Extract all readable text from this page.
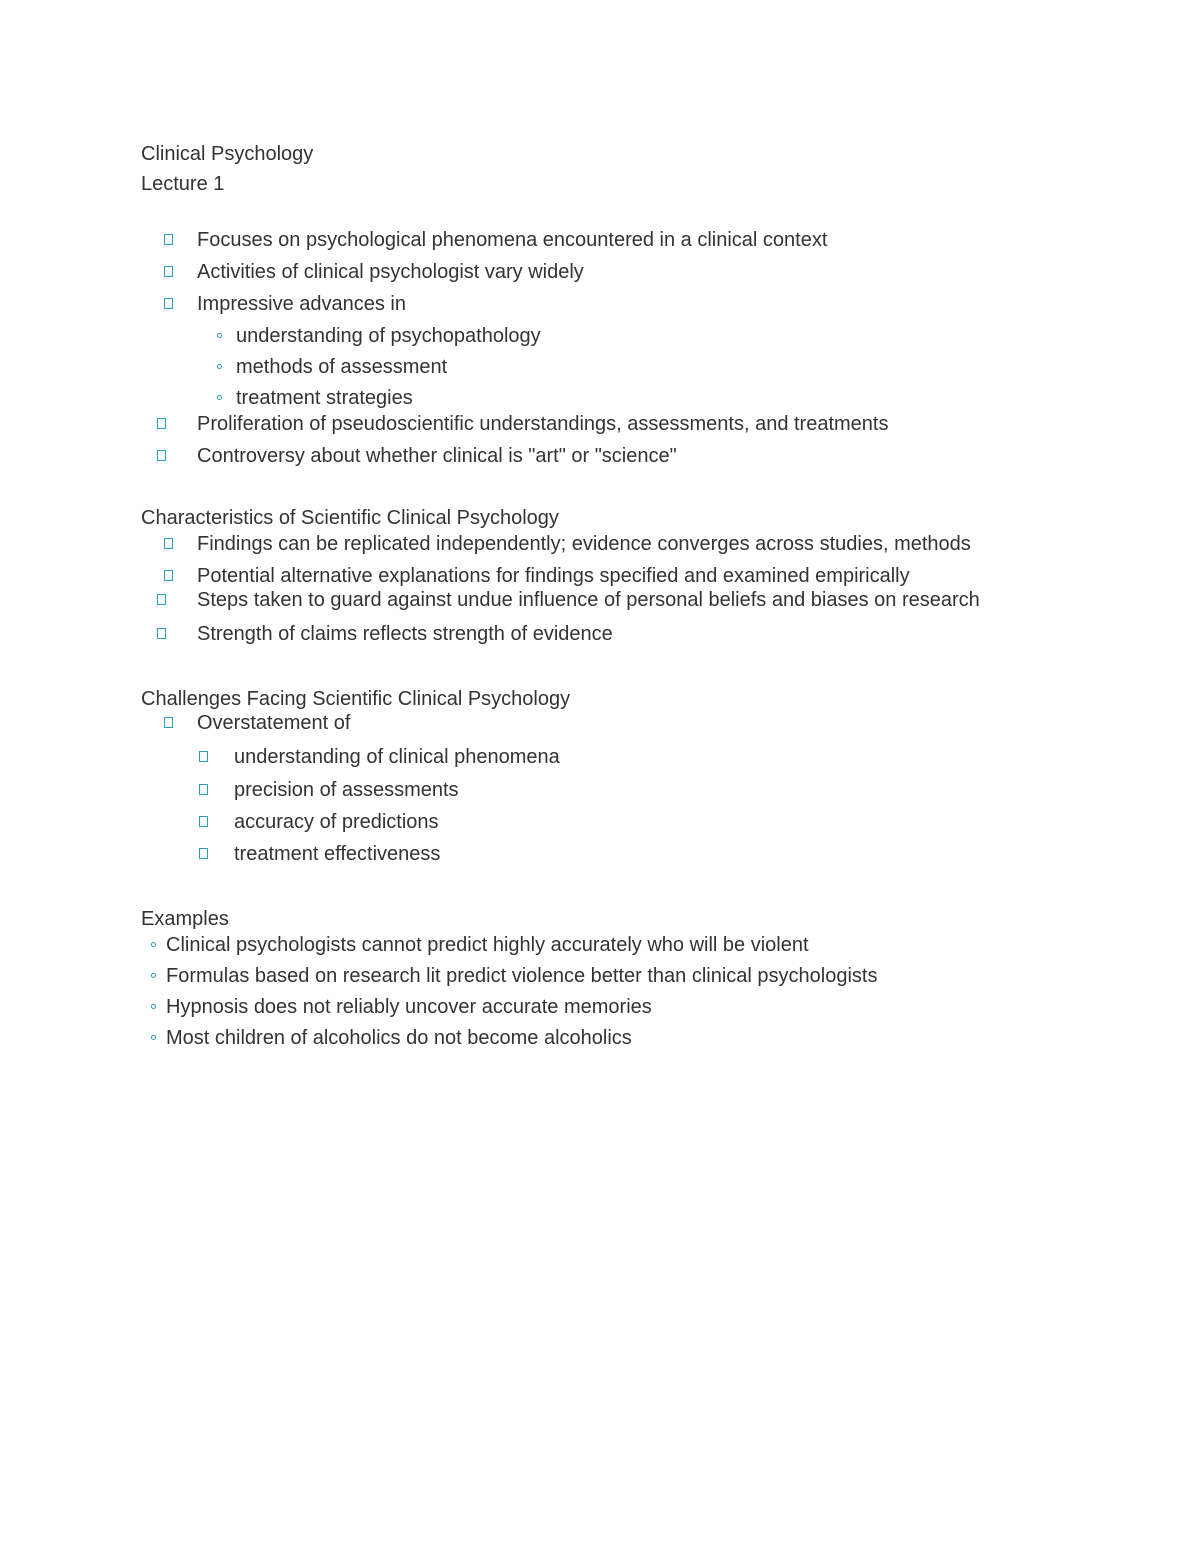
Clinical Psychology
Lecture 1
Focuses on psychological phenomena encountered in a clinical context
Activities of clinical psychologist vary widely
Impressive advances in
understanding of psychopathology
methods of assessment
treatment strategies
Proliferation of pseudoscientific understandings, assessments, and treatments
Controversy about whether clinical is "art" or "science"
Characteristics of Scientific Clinical Psychology
Findings can be replicated independently; evidence converges across studies, methods
Potential alternative explanations for findings specified and examined empirically
Steps taken to guard against undue influence of personal beliefs and biases on research
Strength of claims reflects strength of evidence
Challenges Facing Scientific Clinical Psychology
Overstatement of
understanding of clinical phenomena
precision of assessments
accuracy of predictions
treatment effectiveness
Examples
Clinical psychologists cannot predict highly accurately who will be violent
Formulas based on research lit predict violence better than clinical psychologists
Hypnosis does not reliably uncover accurate memories
Most children of alcoholics do not become alcoholics
